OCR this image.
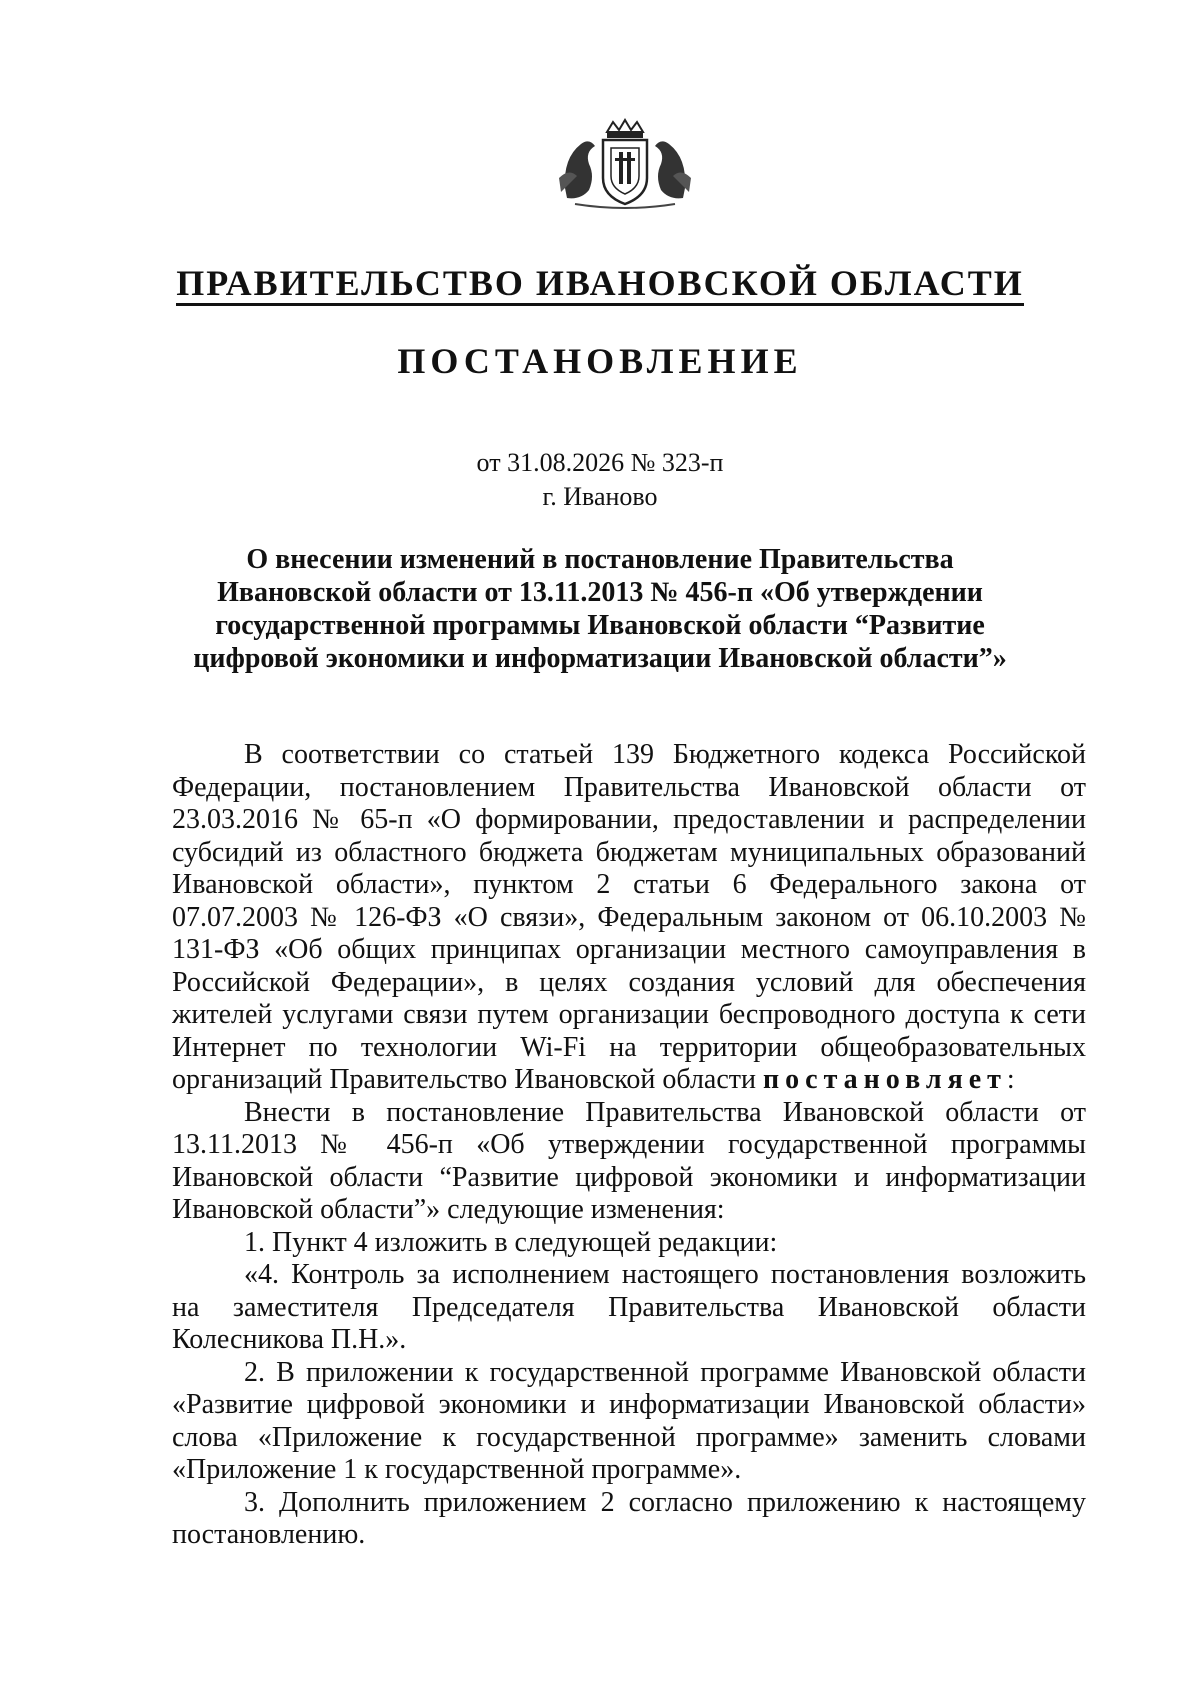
ПРАВИТЕЛЬСТВО ИВАНОВСКОЙ ОБЛАСТИ
ПОСТАНОВЛЕНИЕ
от 31.08.2026 № 323-п
г. Иваново
О внесении изменений в постановление Правительства
Ивановской области от 13.11.2013 № 456-п «Об утверждении
государственной программы Ивановской области “Развитие
цифровой экономики и информатизации Ивановской области”»

В соответствии со статьей 139 Бюджетного кодекса Российской Федерации, постановлением Правительства Ивановской области от 23.03.2016 № 65-п «О формировании, предоставлении и распределении субсидий из областного бюджета бюджетам муниципальных образований Ивановской области», пунктом 2 статьи 6 Федерального закона от 07.07.2003 № 126-ФЗ «О связи», Федеральным законом от 06.10.2003 № 131-ФЗ «Об общих принципах организации местного самоуправления в Российской Федерации», в целях создания условий для обеспечения жителей услугами связи путем организации беспроводного доступа к сети Интернет по технологии Wi-Fi на территории общеобразовательных организаций Правительство Ивановской области постановляет:

Внести в постановление Правительства Ивановской области от 13.11.2013 № 456-п «Об утверждении государственной программы Ивановской области “Развитие цифровой экономики и информатизации Ивановской области”» следующие изменения:

1. Пункт 4 изложить в следующей редакции:

«4. Контроль за исполнением настоящего постановления возложить на заместителя Председателя Правительства Ивановской области Колесникова П.Н.».

2. В приложении к государственной программе Ивановской области «Развитие цифровой экономики и информатизации Ивановской области» слова «Приложение к государственной программе» заменить словами «Приложение 1 к государственной программе».

3. Дополнить приложением 2 согласно приложению к настоящему постановлению.
